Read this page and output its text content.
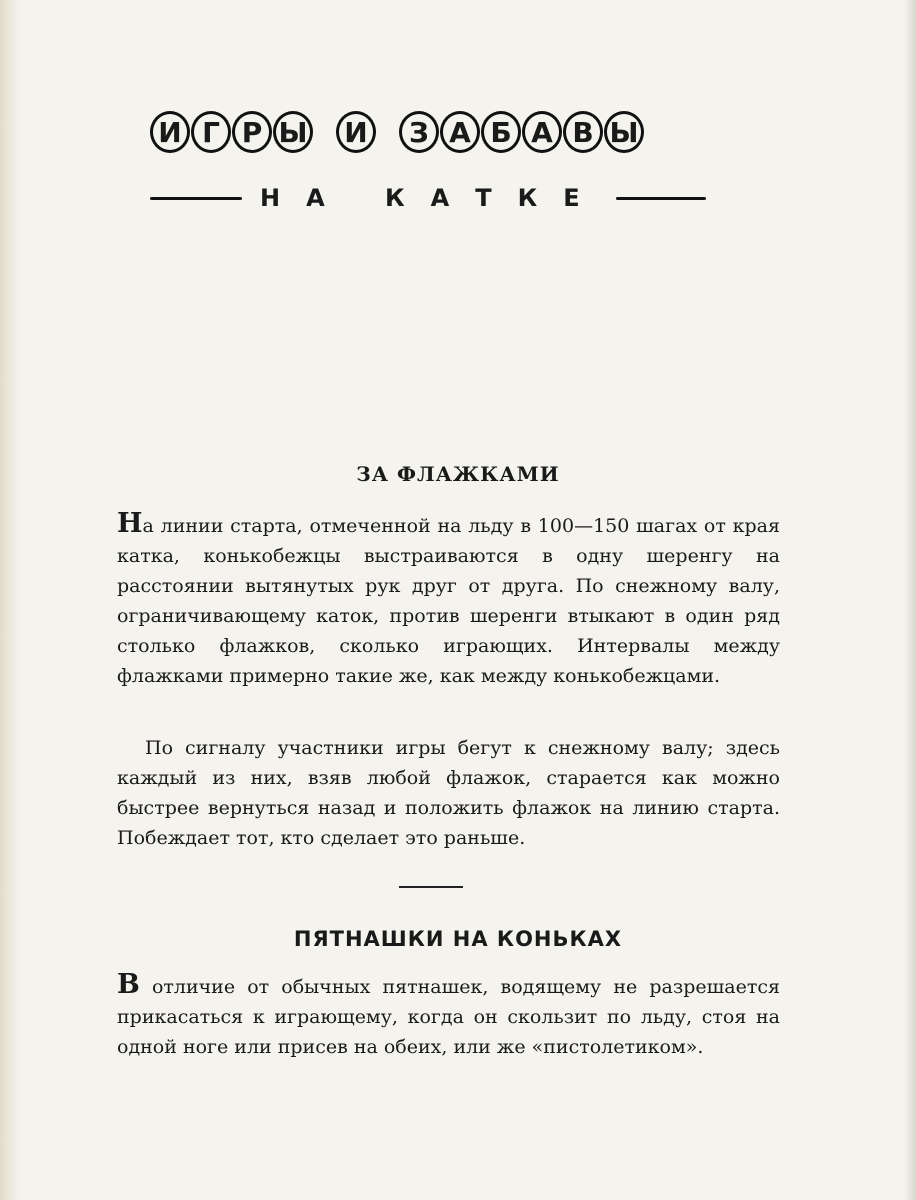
И Г Р Ы И	З А Б А В Ы
НА КАТКЕ
ЗА ФЛАЖКАМИ

На линии старта, отмеченной на льду в 100—150 шагах от края катка, конькобежцы выстраиваются в одну шеренгу на расстоянии вытянутых рук друг от друга. По снежному валу, ограничивающему каток, против шеренги втыкают в один ряд столько флажков, сколько играющих. Интервалы между флажками примерно такие же, как между конькобежцами.

По сигналу участники игры бегут к снежному валу; здесь каждый из них, взяв любой флажок, старается как можно быстрее вернуться назад и положить флажок на линию старта. Побеждает тот, кто сделает это раньше.

ПЯТНАШКИ НА КОНЬКАХ

В отличие от обычных пятнашек, водящему не разрешается прикасаться к играющему, когда он скользит по льду, стоя на одной ноге или присев на обеих, или же «пистолетиком».
